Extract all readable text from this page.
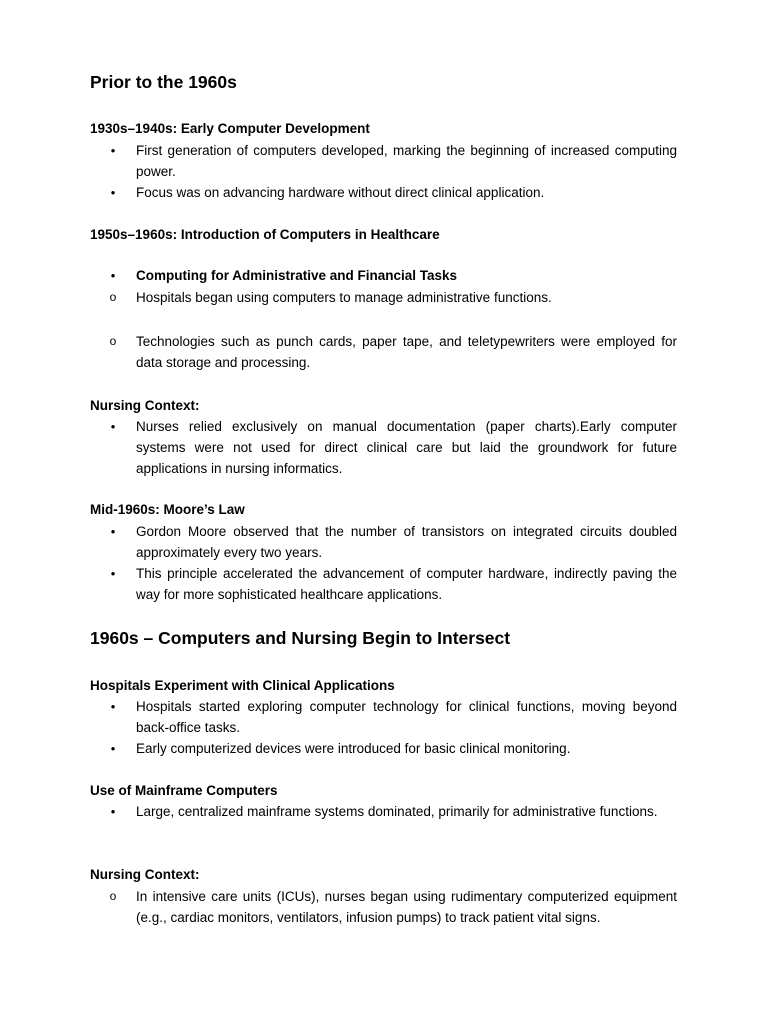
Prior to the 1960s
1930s–1940s: Early Computer Development
•	First generation of computers developed, marking the beginning of increased computing power.
•	Focus was on advancing hardware without direct clinical application.
1950s–1960s: Introduction of Computers in Healthcare
•	Computing for Administrative and Financial Tasks
o	Hospitals began using computers to manage administrative functions.
o	Technologies such as punch cards, paper tape, and teletypewriters were employed for data storage and processing.
Nursing Context:
•	Nurses relied exclusively on manual documentation (paper charts).Early computer systems were not used for direct clinical care but laid the groundwork for future applications in nursing informatics.
Mid-1960s: Moore’s Law
•	Gordon Moore observed that the number of transistors on integrated circuits doubled approximately every two years.
•	This principle accelerated the advancement of computer hardware, indirectly paving the way for more sophisticated healthcare applications.
1960s – Computers and Nursing Begin to Intersect
Hospitals Experiment with Clinical Applications
•	Hospitals started exploring computer technology for clinical functions, moving beyond back-office tasks.
•	Early computerized devices were introduced for basic clinical monitoring.
Use of Mainframe Computers
•	Large, centralized mainframe systems dominated, primarily for administrative functions.
Nursing Context:
o	In intensive care units (ICUs), nurses began using rudimentary computerized equipment (e.g., cardiac monitors, ventilators, infusion pumps) to track patient vital signs.
